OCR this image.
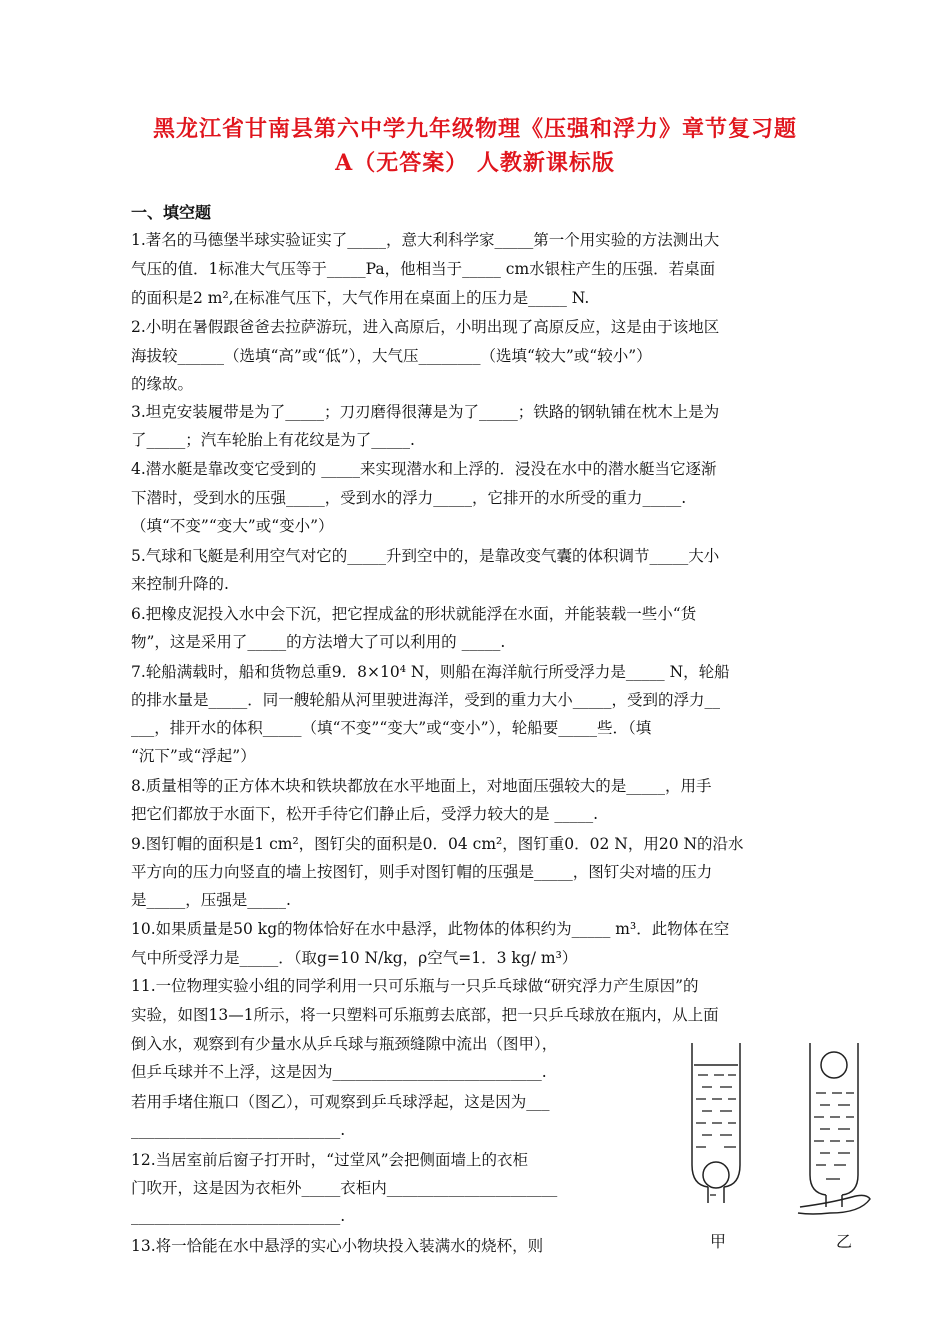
黑龙江省甘南县第六中学九年级物理《压强和浮力》章节复习题
A（无答案） 人教新课标版
一、填空题
1.著名的马德堡半球实验证实了_____，意大利科学家_____第一个用实验的方法测出大
气压的值．1标准大气压等于_____Pa，他相当于_____ cm水银柱产生的压强．若桌面
的面积是2 m²,在标准气压下，大气作用在桌面上的压力是_____ N.
2.小明在暑假跟爸爸去拉萨游玩，进入高原后，小明出现了高原反应，这是由于该地区
海拔较______（选填“高”或“低”），大气压________（选填“较大”或“较小”）
的缘故。
3.坦克安装履带是为了_____；刀刃磨得很薄是为了_____；铁路的钢轨铺在枕木上是为
了_____；汽车轮胎上有花纹是为了_____.
4.潜水艇是靠改变它受到的 _____来实现潜水和上浮的．浸没在水中的潜水艇当它逐渐
下潜时，受到水的压强_____，受到水的浮力_____，它排开的水所受的重力_____.
（填“不变”“变大”或“变小”）
5.气球和飞艇是利用空气对它的_____升到空中的，是靠改变气囊的体积调节_____大小
来控制升降的.
6.把橡皮泥投入水中会下沉，把它捏成盆的形状就能浮在水面，并能装载一些小“货
物”，这是采用了_____的方法增大了可以利用的 _____.
7.轮船满载时，船和货物总重9．8×10⁴ N，则船在海洋航行所受浮力是_____ N，轮船
的排水量是_____．同一艘轮船从河里驶进海洋，受到的重力大小_____，受到的浮力__
___，排开水的体积_____（填“不变”“变大”或“变小”），轮船要_____些．（填
“沉下”或“浮起”）
8.质量相等的正方体木块和铁块都放在水平地面上，对地面压强较大的是_____，用手
把它们都放于水面下，松开手待它们静止后，受浮力较大的是 _____.
9.图钉帽的面积是1 cm²，图钉尖的面积是0．04 cm²，图钉重0．02 N，用20 N的沿水
平方向的压力向竖直的墙上按图钉，则手对图钉帽的压强是_____，图钉尖对墙的压力
是_____，压强是_____.
10.如果质量是50 kg的物体恰好在水中悬浮，此物体的体积约为_____ m³．此物体在空
气中所受浮力是_____．（取g=10 N/kg，ρ空气=1．3 kg/ m³）
11.一位物理实验小组的同学利用一只可乐瓶与一只乒乓球做“研究浮力产生原因”的
实验，如图13—1所示，将一只塑料可乐瓶剪去底部，把一只乒乓球放在瓶内，从上面
倒入水，观察到有少量水从乒乓球与瓶颈缝隙中流出（图甲），
但乒乓球并不上浮，这是因为___________________________.
若用手堵住瓶口（图乙），可观察到乒乓球浮起，这是因为___
___________________________.
12.当居室前后窗子打开时，“过堂风”会把侧面墙上的衣柜
门吹开，这是因为衣柜外_____衣柜内______________________
___________________________.
13.将一恰能在水中悬浮的实心小物块投入装满水的烧杯，则	甲	乙
